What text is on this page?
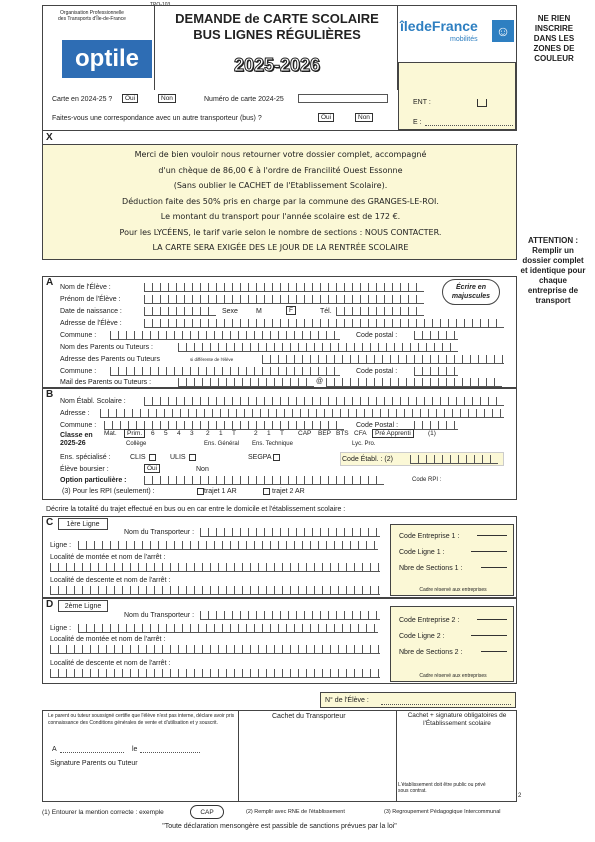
TPO-103
Organisation Professionnelle
des Transports d'Île-de-France
optile
DEMANDE de CARTE SCOLAIRE
BUS LIGNES RÉGULIÈRES
2025-2026
îledeFrance
mobilités
☺
NE RIEN INSCRIRE DANS LES ZONES DE COULEUR
ENT :
E :
Carte en 2024-25 ?	Oui	Non	Numéro de carte 2024-25
Faites-vous une correspondance avec un autre transporteur (bus) ?	Oui	Non
X
Merci de bien vouloir nous retourner votre dossier complet, accompagné
d'un chèque de 86,00 € à l'ordre de Francilité Ouest Essonne
(Sans oublier le CACHET de l'Etablissement Scolaire).
Déduction faite des 50% pris en charge par la commune des GRANGES-LE-ROI.
Le montant du transport pour l'année scolaire est de 172 €.
Pour les LYCÉENS, le tarif varie selon le nombre de sections : NOUS CONTACTER.
LA CARTE SERA EXIGÉE DES LE JOUR DE LA RENTRÉE SCOLAIRE
ATTENTION :
Remplir un dossier complet et identique pour chaque entreprise de transport
A Nom de l'Élève :
Prénom de l'Élève :
Date de naissance :	Sexe	M	F	Tél.
Écrire en majuscules
Adresse de l'Élève :
Commune :	Code postal :
Nom des Parents ou Tuteurs :
Adresse des Parents ou Tuteurs	si différente de l'élève
Commune :	Code postal :
Mail des Parents ou Tuteurs :	@
B
Nom Établ. Scolaire :
Adresse :
Commune :	Code Postal :
Classe en 2025-26
Mat.	Prim.	6 5 4 3 2 1 T	2 1 T CAP BEP BTS CFA	Pré Apprenti	(1)
Collège	Ens. Général Ens. Technique	Lyc. Pro.
Ens. spécialisé :	CLIS	ULIS	SEGPA	Code Établ. : (2)
Élève boursier :	Oui	Non
Option particulière :	Code RPI :
(3) Pour les RPI (seulement) :	trajet 1 AR	trajet 2 AR
Décrire la totalité du trajet effectué en bus ou en car entre le domicile et l'établissement scolaire :
C	1ère Ligne
Nom du Transporteur :
Ligne :
Localité de montée et nom de l'arrêt :
Localité de descente et nom de l'arrêt :
Code Entreprise 1 :
Code Ligne 1 :
Nbre de Sections 1 :
Cadre réservé aux entreprises
D	2ème Ligne
Nom du Transporteur :
Ligne :
Localité de montée et nom de l'arrêt :
Localité de descente et nom de l'arrêt :
Code Entreprise 2 :
Code Ligne 2 :
Nbre de Sections 2 :
Cadre réservé aux entreprises
N° de l'Élève :
Le parent ou tuteur soussigné certifie que l'élève n'est pas interne, déclare avoir pris connaissance des Conditions générales de vente et d'utilisation et y souscrit.
A	le
Signature Parents ou Tuteur
Cachet du Transporteur	Cachet + signature obligatoires de l'Établissement scolaire
L'établissement doit être public ou privé sous contrat.
2
(1) Entourer la mention correcte : exemple	CAP	(2) Remplir avec RNE de l'établissement	(3) Regroupement Pédagogique Intercommunal
"Toute déclaration mensongère est passible de sanctions prévues par la loi"
